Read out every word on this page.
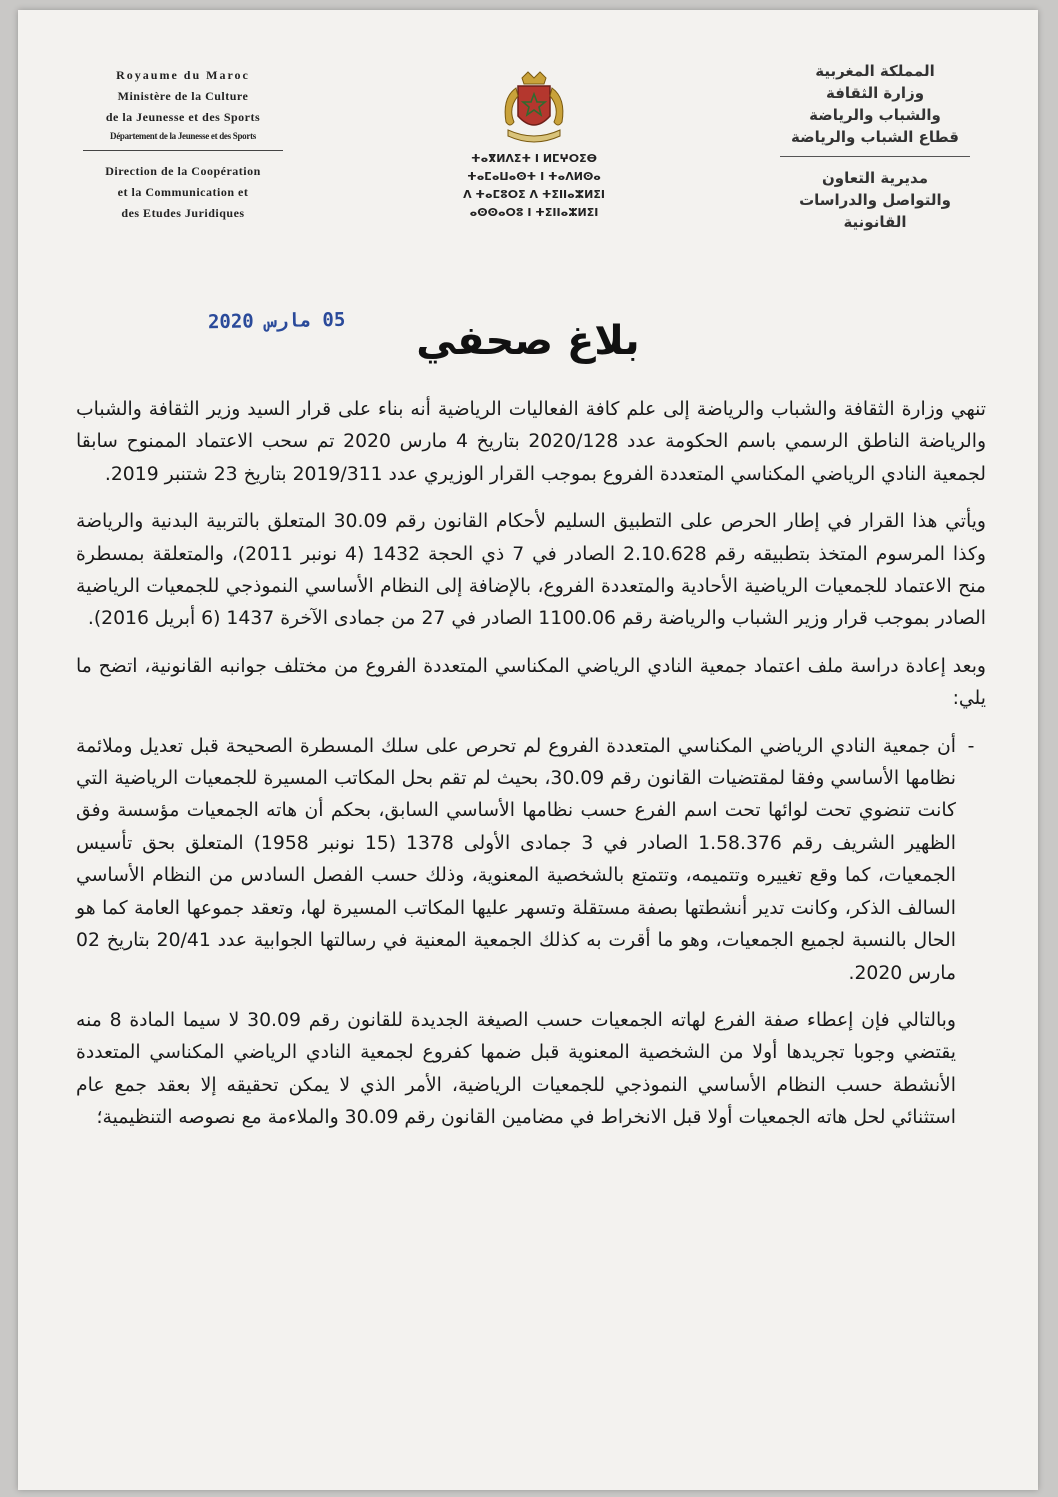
Royaume du Maroc
Ministère de la Culture
de la Jeunesse et des Sports
Département de la Jeunesse et des Sports
Direction de la Coopération
et la Communication et
des Etudes Juridiques
ⵜⴰⴳⵍⴷⵉⵜ ⵏ ⵍⵎⵖⵔⵉⴱ
ⵜⴰⵎⴰⵡⴰⵙⵜ ⵏ ⵜⴰⴷⵍⵙⴰ
ⴷ ⵜⴰⵎⵓⵔⵉ ⴷ ⵜⵉⵏⵏⴰⵣⵍⵉⵏ
ⴰⵙⵙⴰⵔⵓ ⵏ ⵜⵉⵏⵏⴰⵣⵍⵉⵏ
المملكة المغربية
وزارة الثقافة
والشباب والرياضة
قطاع الشباب والرياضة
مديرية التعاون
والتواصل والدراسات
القانونية
05 مارس 2020	بلاغ صحفي

تنهي وزارة الثقافة والشباب والرياضة إلى علم كافة الفعاليات الرياضية أنه بناء على قرار السيد وزير الثقافة والشباب والرياضة الناطق الرسمي باسم الحكومة عدد 2020/128 بتاريخ 4 مارس 2020 تم سحب الاعتماد الممنوح سابقا لجمعية النادي الرياضي المكناسي المتعددة الفروع بموجب القرار الوزيري عدد 2019/311 بتاريخ 23 شتنبر 2019.

ويأتي هذا القرار في إطار الحرص على التطبيق السليم لأحكام القانون رقم 30.09 المتعلق بالتربية البدنية والرياضة وكذا المرسوم المتخذ بتطبيقه رقم 2.10.628 الصادر في 7 ذي الحجة 1432 (4 نونبر 2011)، والمتعلقة بمسطرة منح الاعتماد للجمعيات الرياضية الأحادية والمتعددة الفروع، بالإضافة إلى النظام الأساسي النموذجي للجمعيات الرياضية الصادر بموجب قرار وزير الشباب والرياضة رقم 1100.06 الصادر في 27 من جمادى الآخرة 1437 (6 أبريل 2016).

وبعد إعادة دراسة ملف اعتماد جمعية النادي الرياضي المكناسي المتعددة الفروع من مختلف جوانبه القانونية، اتضح ما يلي:

-

أن جمعية النادي الرياضي المكناسي المتعددة الفروع لم تحرص على سلك المسطرة الصحيحة قبل تعديل وملائمة نظامها الأساسي وفقا لمقتضيات القانون رقم 30.09، بحيث لم تقم بحل المكاتب المسيرة للجمعيات الرياضية التي كانت تنضوي تحت لوائها تحت اسم الفرع حسب نظامها الأساسي السابق، بحكم أن هاته الجمعيات مؤسسة وفق الظهير الشريف رقم 1.58.376 الصادر في 3 جمادى الأولى 1378 (15 نونبر 1958) المتعلق بحق تأسيس الجمعيات، كما وقع تغييره وتتميمه، وتتمتع بالشخصية المعنوية، وذلك حسب الفصل السادس من النظام الأساسي السالف الذكر، وكانت تدير أنشطتها بصفة مستقلة وتسهر عليها المكاتب المسيرة لها، وتعقد جموعها العامة كما هو الحال بالنسبة لجميع الجمعيات، وهو ما أقرت به كذلك الجمعية المعنية في رسالتها الجوابية عدد 20/41 بتاريخ 02 مارس 2020.

وبالتالي فإن إعطاء صفة الفرع لهاته الجمعيات حسب الصيغة الجديدة للقانون رقم 30.09 لا سيما المادة 8 منه يقتضي وجوبا تجريدها أولا من الشخصية المعنوية قبل ضمها كفروع لجمعية النادي الرياضي المكناسي المتعددة الأنشطة حسب النظام الأساسي النموذجي للجمعيات الرياضية، الأمر الذي لا يمكن تحقيقه إلا بعقد جمع عام استثنائي لحل هاته الجمعيات أولا قبل الانخراط في مضامين القانون رقم 30.09 والملاءمة مع نصوصه التنظيمية؛
